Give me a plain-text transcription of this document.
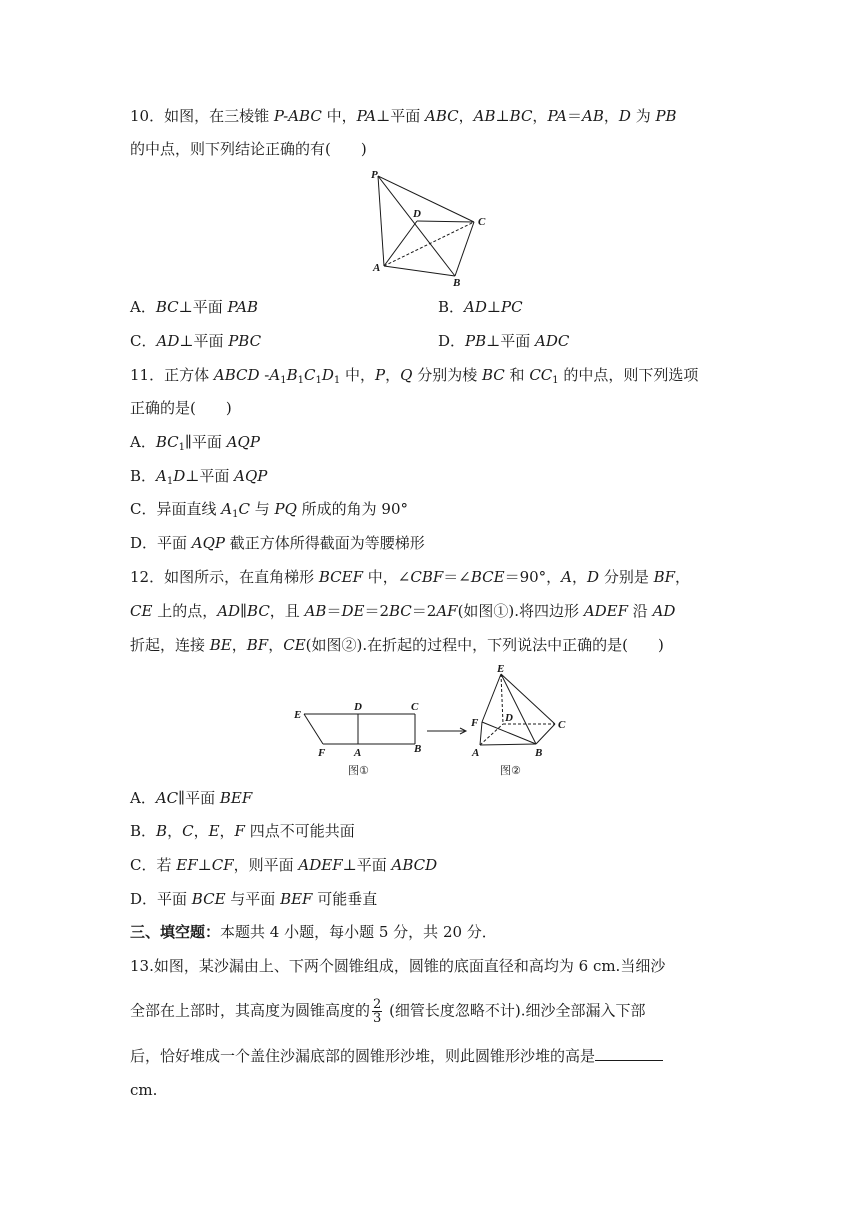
10．如图，在三棱锥 P-ABC 中，PA⊥平面 ABC，AB⊥BC，PA＝AB，D 为 PB
的中点，则下列结论正确的有(　　)
P
D
C
A
B
A．BC⊥平面 PAB	B．AD⊥PC
C．AD⊥平面 PBC	D．PB⊥平面 ADC
11．正方体 ABCD $-A_1B_1C_1D_1$ 中，P，Q 分别为棱 BC 和 $CC_1$ 的中点，则下列选项
正确的是(　　)
A．$BC_1\parallel$平面 AQP
B．$A_1D\perp$平面 AQP
C．异面直线 $A_1C$ 与 PQ 所成的角为 90°
D．平面 AQP 截正方体所得截面为等腰梯形
12．如图所示，在直角梯形 BCEF 中，∠CBF＝∠BCE＝90°，A，D 分别是 BF，
CE 上的点，AD∥BC，且 AB＝DE＝2BC＝2AF(如图①).将四边形 ADEF 沿 AD
折起，连接 BE，BF，CE(如图②).在折起的过程中，下列说法中正确的是(　　)
E
D	C
F	A	B
图①
E
D
C
F
A	B
图②
A．AC∥平面 BEF
B．B，C，E，F 四点不可能共面
C．若 EF⊥CF，则平面 ADEF⊥平面 ABCD
D．平面 BCE 与平面 BEF 可能垂直
三、填空题：本题共 4 小题，每小题 5 分，共 20 分．
13.如图，某沙漏由上、下两个圆锥组成，圆锥的底面直径和高均为 6 cm.当细沙
全部在上部时，其高度为圆锥高度的 $\frac{2}{3}$ (细管长度忽略不计).细沙全部漏入下部
后，恰好堆成一个盖住沙漏底部的圆锥形沙堆，则此圆锥形沙堆的高是
cm.
